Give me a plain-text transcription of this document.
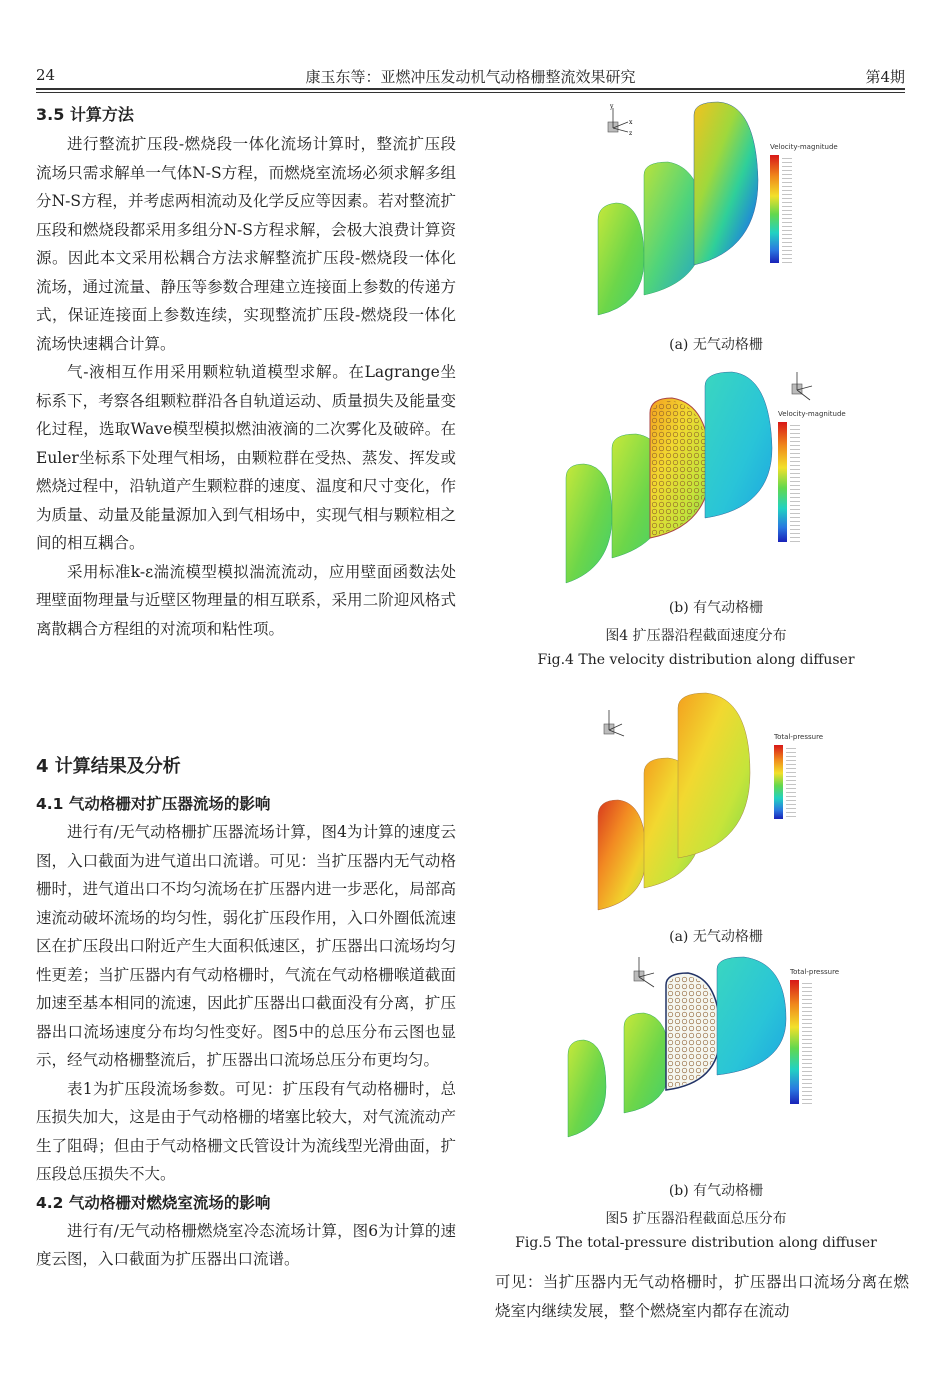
24	康玉东等：亚燃冲压发动机气动格栅整流效果研究	第4期
3.5 计算方法

进行整流扩压段-燃烧段一体化流场计算时，整流扩压段流场只需求解单一气体N-S方程，而燃烧室流场必须求解多组分N-S方程，并考虑两相流动及化学反应等因素。若对整流扩压段和燃烧段都采用多组分N-S方程求解，会极大浪费计算资源。因此本文采用松耦合方法求解整流扩压段-燃烧段一体化流场，通过流量、静压等参数合理建立连接面上参数的传递方式，保证连接面上参数连续，实现整流扩压段-燃烧段一体化流场快速耦合计算。

气-液相互作用采用颗粒轨道模型求解。在Lagrange坐标系下，考察各组颗粒群沿各自轨道运动、质量损失及能量变化过程，选取Wave模型模拟燃油液滴的二次雾化及破碎。在Euler坐标系下处理气相场，由颗粒群在受热、蒸发、挥发或燃烧过程中，沿轨道产生颗粒群的速度、温度和尺寸变化，作为质量、动量及能量源加入到气相场中，实现气相与颗粒相之间的相互耦合。

采用标准k-ε湍流模型模拟湍流流动，应用壁面函数法处理壁面物理量与近壁区物理量的相互联系，采用二阶迎风格式离散耦合方程组的对流项和粘性项。

4 计算结果及分析
4.1 气动格栅对扩压器流场的影响

进行有/无气动格栅扩压器流场计算，图4为计算的速度云图，入口截面为进气道出口流谱。可见：当扩压器内无气动格栅时，进气道出口不均匀流场在扩压器内进一步恶化，局部高速流动破坏流场的均匀性，弱化扩压段作用，入口外圈低流速区在扩压段出口附近产生大面积低速区，扩压器出口流场均匀性更差；当扩压器内有气动格栅时，气流在气动格栅喉道截面加速至基本相同的流速，因此扩压器出口截面没有分离，扩压器出口流场速度分布均匀性变好。图5中的总压分布云图也显示，经气动格栅整流后，扩压器出口流场总压分布更均匀。

表1为扩压段流场参数。可见：扩压段有气动格栅时，总压损失加大，这是由于气动格栅的堵塞比较大，对气流流动产生了阻碍；但由于气动格栅文氏管设计为流线型光滑曲面，扩压段总压损失不大。

4.2 气动格栅对燃烧室流场的影响

进行有/无气动格栅燃烧室冷态流场计算，图6为计算的速度云图，入口截面为扩压器出口流谱。

y
x
z
Velocity-magnitude
(a) 无气动格栅
Velocity-magnitude
(b) 有气动格栅
图4 扩压器沿程截面速度分布
Fig.4 The velocity distribution along diffuser
Total-pressure
(a) 无气动格栅
Total-pressure
(b) 有气动格栅
图5 扩压器沿程截面总压分布
Fig.5 The total-pressure distribution along diffuser

可见：当扩压器内无气动格栅时，扩压器出口流场分离在燃烧室内继续发展，整个燃烧室内都存在流动
